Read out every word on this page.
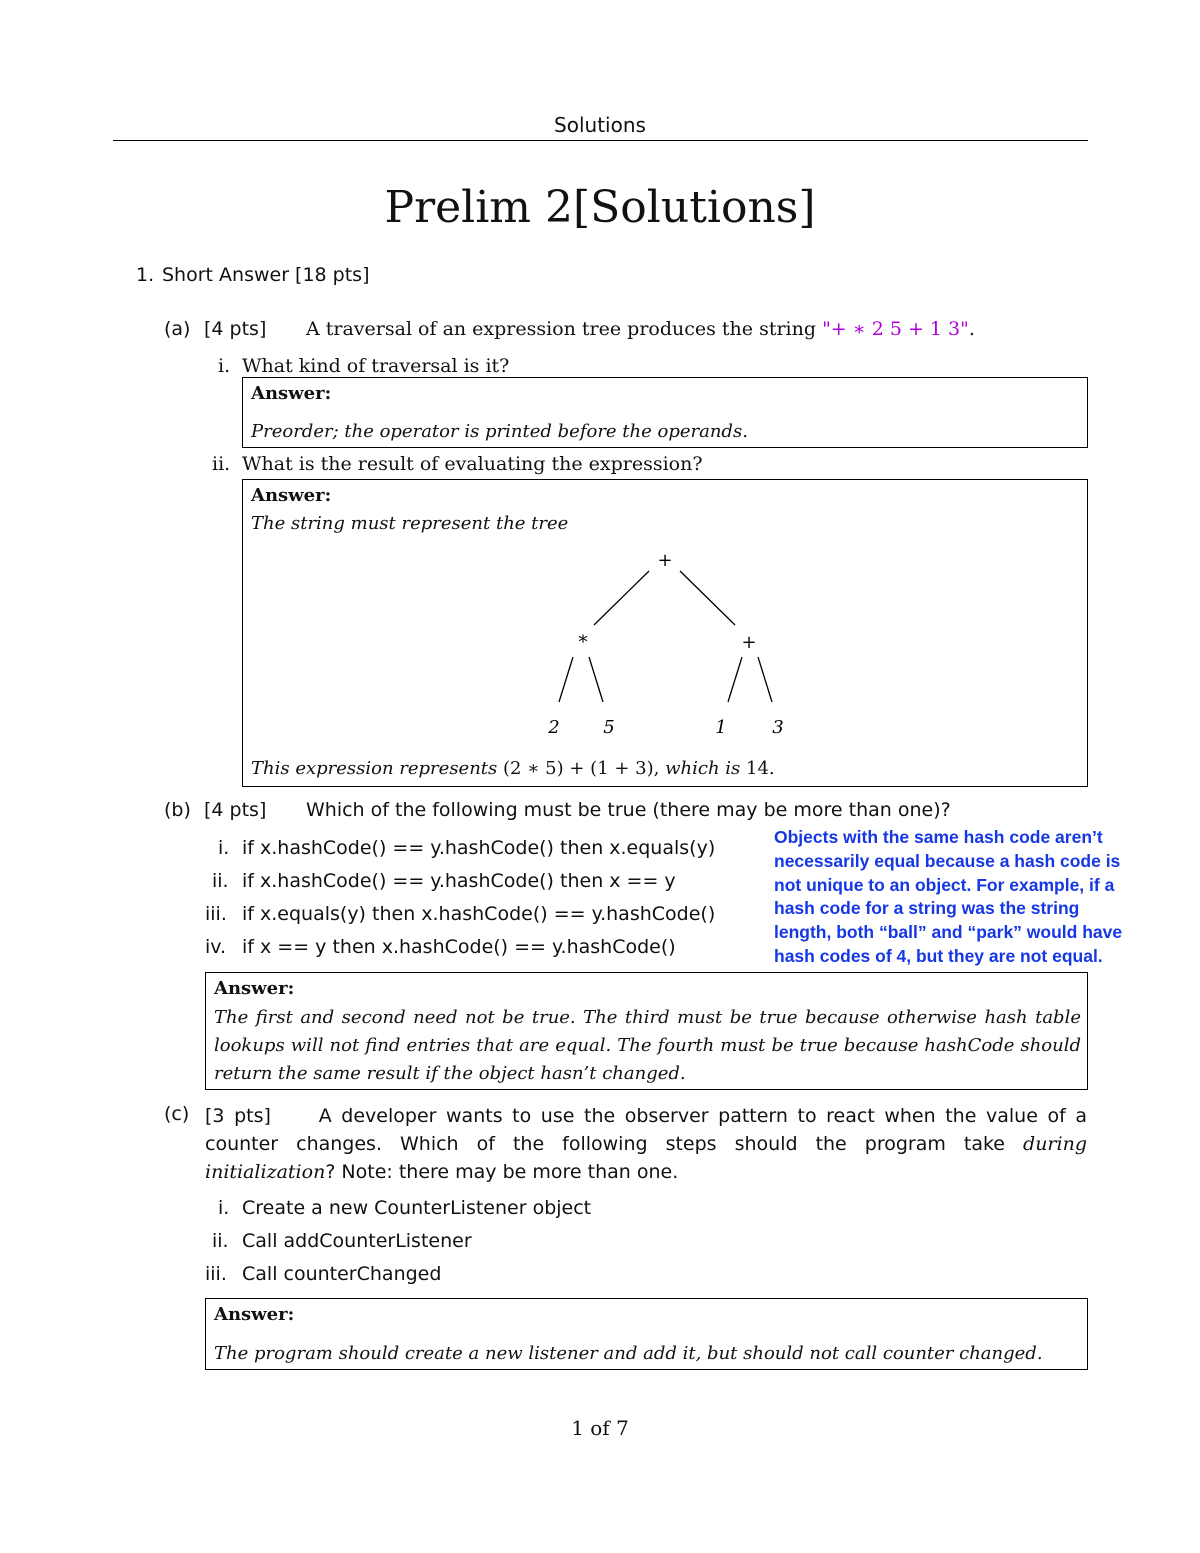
Solutions
Prelim 2[Solutions]
1. Short Answer [18 pts]
(a) [4 pts] A traversal of an expression tree produces the string "+ ∗ 2 5 + 1 3".
i. What kind of traversal is it?
Answer:
Preorder; the operator is printed before the operands.
ii. What is the result of evaluating the expression?
Answer:
The string must represent the tree
+
*	+
2 5	1	3
This expression represents (2 ∗ 5) + (1 + 3), which is 14.
(b) [4 pts] Which of the following must be true (there may be more than one)?
i. if x.hashCode() == y.hashCode() then x.equals(y)
ii. if x.hashCode() == y.hashCode() then x == y
iii. if x.equals(y) then x.hashCode() == y.hashCode()
iv. if x == y then x.hashCode() == y.hashCode()
Objects with the same hash code aren’t
necessarily equal because a hash code is
not unique to an object. For example, if a
hash code for a string was the string
length, both “ball” and “park” would have
hash codes of 4, but they are not equal.
Answer:
The first and second need not be true. The third must be true because otherwise hash table lookups will not find entries that are equal. The fourth must be true because hashCode should return the same result if the object hasn’t changed.
(c) [3 pts]	A developer wants to use the observer pattern to react when the value of a counter changes. Which of the following steps should the program take during initialization? Note: there may be more than one.
i. Create a new CounterListener object
ii. Call addCounterListener
iii. Call counterChanged
Answer:
The program should create a new listener and add it, but should not call counter changed.
1 of 7
